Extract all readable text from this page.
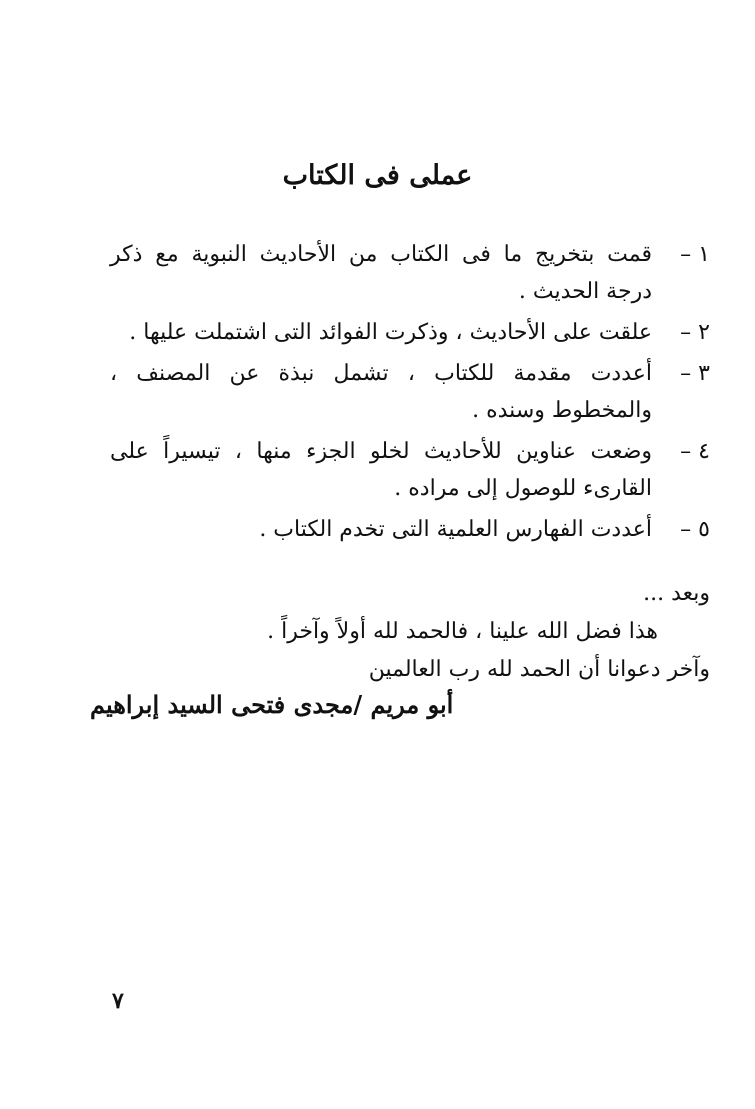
عملى فى الكتاب
١ –
قمت بتخريج ما فى الكتاب من الأحاديث النبوية مع ذكر درجة الحديث .
٢ –
علقت على الأحاديث ، وذكرت الفوائد التى اشتملت عليها .
٣ –
أعددت مقدمة للكتاب ، تشمل نبذة عن المصنف ، والمخطوط وسنده .
٤ –
وضعت عناوين للأحاديث لخلو الجزء منها ، تيسيراً على القارىء للوصول إلى مراده .
٥ –
أعددت الفهارس العلمية التى تخدم الكتاب .
وبعد ...
هذا فضل الله علينا ، فالحمد لله أولاً وآخراً .
وآخر دعوانا أن الحمد لله رب العالمين
أبو مريم /مجدى فتحى السيد إبراهيم
٧
